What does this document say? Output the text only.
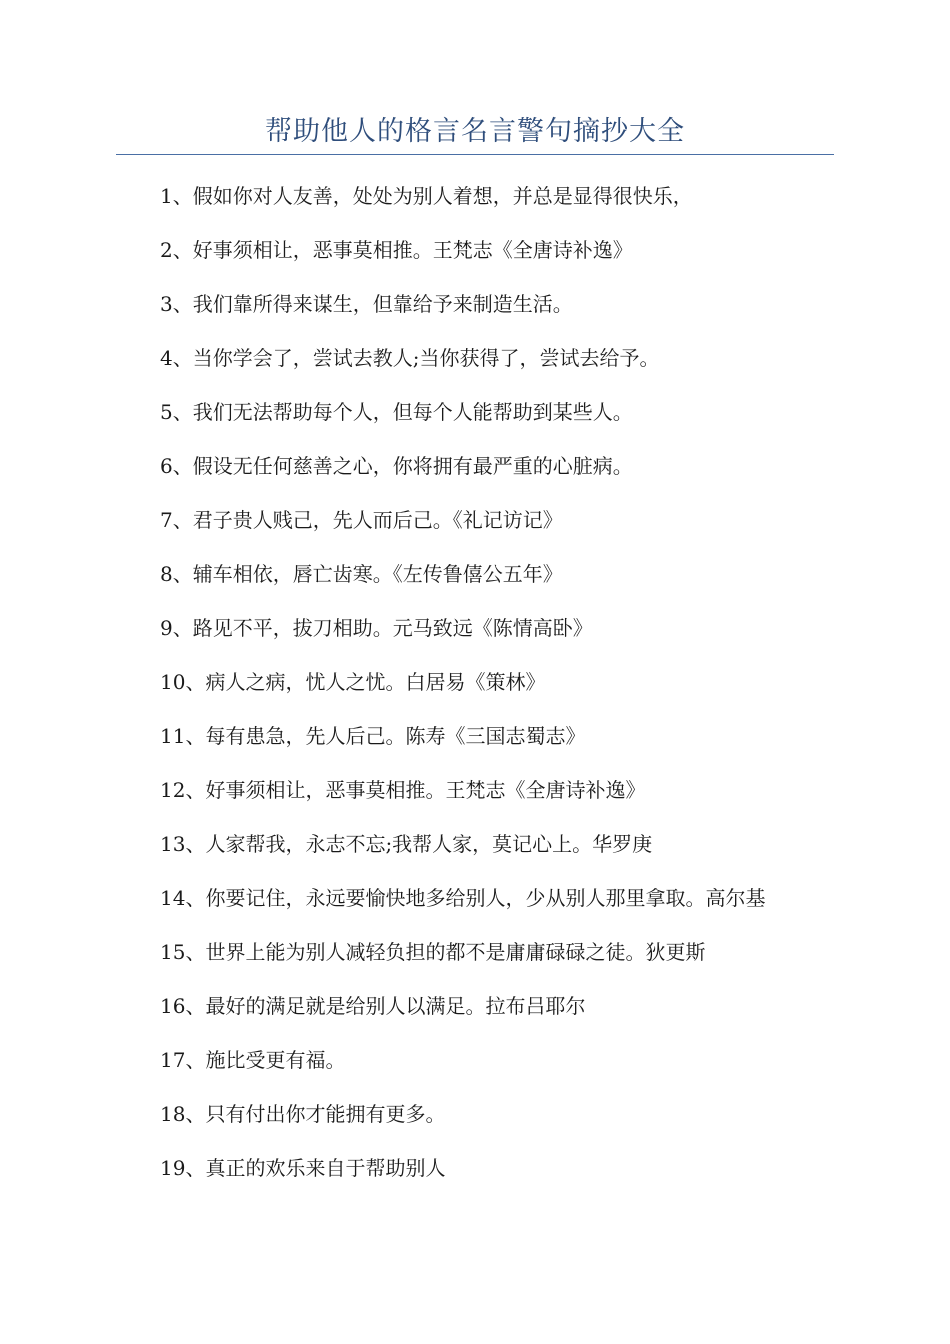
帮助他人的格言名言警句摘抄大全
1、假如你对人友善，处处为别人着想，并总是显得很快乐，
2、好事须相让，恶事莫相推。王梵志《全唐诗补逸》
3、我们靠所得来谋生，但靠给予来制造生活。
4、当你学会了，尝试去教人;当你获得了，尝试去给予。
5、我们无法帮助每个人，但每个人能帮助到某些人。
6、假设无任何慈善之心，你将拥有最严重的心脏病。
7、君子贵人贱己，先人而后己。《礼记访记》
8、辅车相依，唇亡齿寒。《左传鲁僖公五年》
9、路见不平，拔刀相助。元马致远《陈情高卧》
10、病人之病，忧人之忧。白居易《策林》
11、每有患急，先人后己。陈寿《三国志蜀志》
12、好事须相让，恶事莫相推。王梵志《全唐诗补逸》
13、人家帮我，永志不忘;我帮人家，莫记心上。华罗庚
14、你要记住，永远要愉快地多给别人，少从别人那里拿取。高尔基
15、世界上能为别人减轻负担的都不是庸庸碌碌之徒。狄更斯
16、最好的满足就是给别人以满足。拉布吕耶尔
17、施比受更有福。
18、只有付出你才能拥有更多。
19、真正的欢乐来自于帮助别人
